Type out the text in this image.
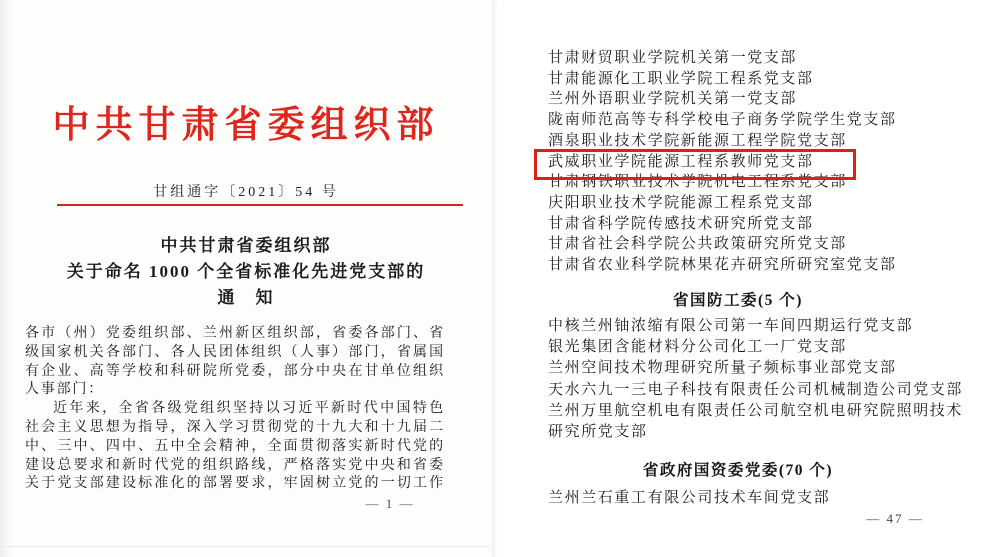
中共甘肃省委组织部
甘组通字〔2021〕54 号
中共甘肃省委组织部
关于命名 1000 个全省标准化先进党支部的
通　知
各市（州）党委组织部、兰州新区组织部，省委各部门、省
级国家机关各部门、各人民团体组织（人事）部门，省属国
有企业、高等学校和科研院所党委，部分中央在甘单位组织
人事部门：
近年来，全省各级党组织坚持以习近平新时代中国特色
社会主义思想为指导，深入学习贯彻党的十九大和十九届二
中、三中、四中、五中全会精神，全面贯彻落实新时代党的
建设总要求和新时代党的组织路线，严格落实党中央和省委
关于党支部建设标准化的部署要求，牢固树立党的一切工作
— 1 —
甘肃财贸职业学院机关第一党支部
甘肃能源化工职业学院工程系党支部
兰州外语职业学院机关第一党支部
陇南师范高等专科学校电子商务学院学生党支部
酒泉职业技术学院新能源工程学院党支部
武威职业学院能源工程系教师党支部
甘肃钢铁职业技术学院机电工程系党支部
庆阳职业技术学院能源工程系党支部
甘肃省科学院传感技术研究所党支部
甘肃省社会科学院公共政策研究所党支部
甘肃省农业科学院林果花卉研究所研究室党支部
省国防工委(5 个)
中核兰州铀浓缩有限公司第一车间四期运行党支部
银光集团含能材料分公司化工一厂党支部
兰州空间技术物理研究所量子频标事业部党支部
天水六九一三电子科技有限责任公司机械制造公司党支部
兰州万里航空机电有限责任公司航空机电研究院照明技术研究所党支部
省政府国资委党委(70 个)
兰州兰石重工有限公司技术车间党支部
— 47 —
